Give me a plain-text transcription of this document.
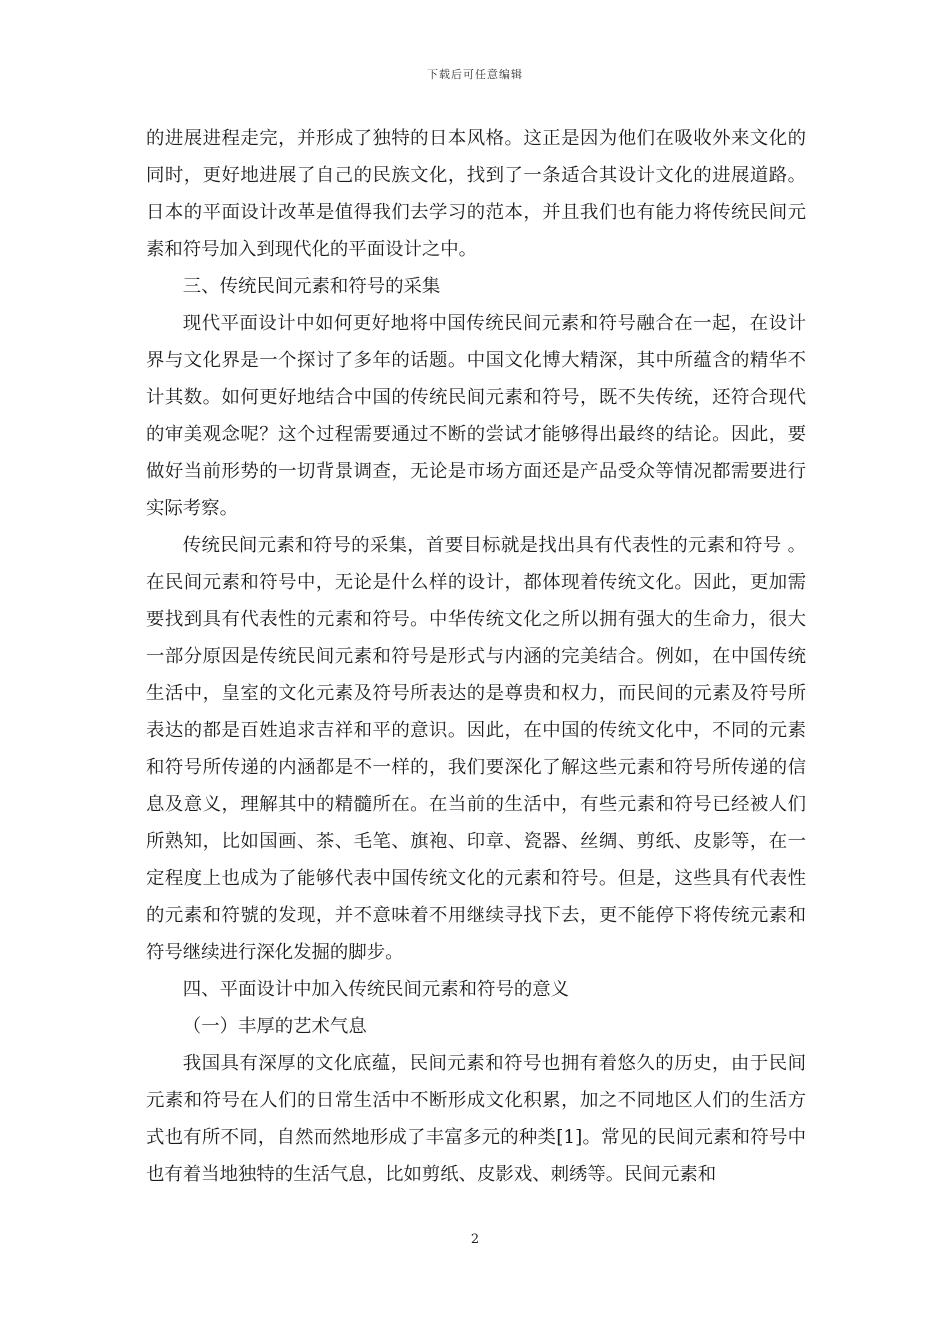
下载后可任意编辑

的进展进程走完，并形成了独特的日本风格。这正是因为他们在吸收外来文化的同时，更好地进展了自己的民族文化，找到了一条适合其设计文化的进展道路。日本的平面设计改革是值得我们去学习的范本，并且我们也有能力将传统民间元素和符号加入到现代化的平面设计之中。

三、传统民间元素和符号的采集

现代平面设计中如何更好地将中国传统民间元素和符号融合在一起，在设计界与文化界是一个探讨了多年的话题。中国文化博大精深，其中所蕴含的精华不计其数。如何更好地结合中国的传统民间元素和符号，既不失传统，还符合现代的审美观念呢？这个过程需要通过不断的尝试才能够得出最终的结论。因此，要做好当前形势的一切背景调查，无论是市场方面还是产品受众等情况都需要进行实际考察。

传统民间元素和符号的采集，首要目标就是找出具有代表性的元素和符号 。在民间元素和符号中，无论是什么样的设计，都体现着传统文化。因此，更加需要找到具有代表性的元素和符号。中华传统文化之所以拥有强大的生命力，很大一部分原因是传统民间元素和符号是形式与内涵的完美结合。例如，在中国传统生活中，皇室的文化元素及符号所表达的是尊贵和权力，而民间的元素及符号所表达的都是百姓追求吉祥和平的意识。因此，在中国的传统文化中，不同的元素和符号所传递的内涵都是不一样的，我们要深化了解这些元素和符号所传递的信息及意义，理解其中的精髓所在。在当前的生活中，有些元素和符号已经被人们所熟知，比如国画、茶、毛笔、旗袍、印章、瓷器、丝绸、剪纸、皮影等，在一定程度上也成为了能够代表中国传统文化的元素和符号。但是，这些具有代表性的元素和符號的发现，并不意味着不用继续寻找下去，更不能停下将传统元素和符号继续进行深化发掘的脚步。

四、平面设计中加入传统民间元素和符号的意义

（一）丰厚的艺术气息

我国具有深厚的文化底蕴，民间元素和符号也拥有着悠久的历史，由于民间元素和符号在人们的日常生活中不断形成文化积累，加之不同地区人们的生活方式也有所不同，自然而然地形成了丰富多元的种类[1]。常见的民间元素和符号中也有着当地独特的生活气息，比如剪纸、皮影戏、刺绣等。民间元素和

2
